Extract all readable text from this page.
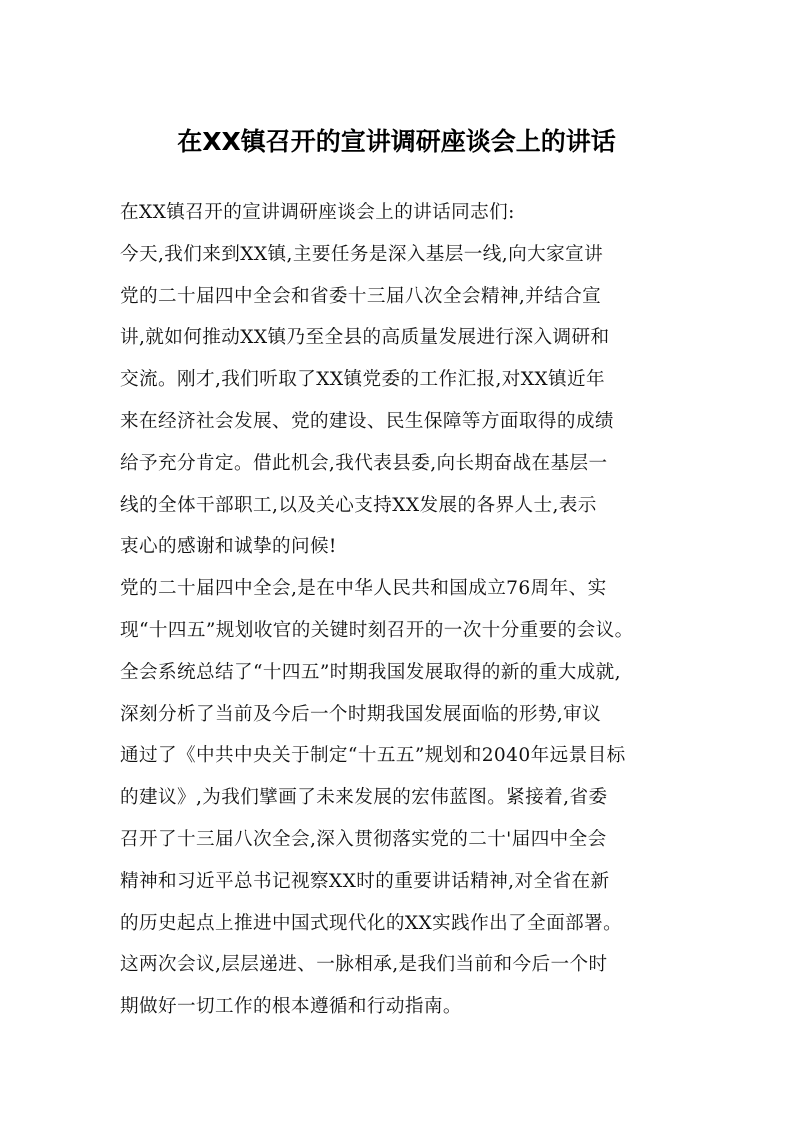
在XX镇召开的宣讲调研座谈会上的讲话

在XX镇召开的宣讲调研座谈会上的讲话同志们:

今天,我们来到XX镇,主要任务是深入基层一线,向大家宣讲
党的二十届四中全会和省委十三届八次全会精神,并结合宣
讲,就如何推动XX镇乃至全县的高质量发展进行深入调研和
交流。刚才,我们听取了XX镇党委的工作汇报,对XX镇近年
来在经济社会发展、党的建设、民生保障等方面取得的成绩
给予充分肯定。借此机会,我代表县委,向长期奋战在基层一
线的全体干部职工,以及关心支持XX发展的各界人士,表示
衷心的感谢和诚挚的问候!

党的二十届四中全会,是在中华人民共和国成立76周年、实
现“十四五”规划收官的关键时刻召开的一次十分重要的会议。
全会系统总结了“十四五”时期我国发展取得的新的重大成就,
深刻分析了当前及今后一个时期我国发展面临的形势,审议
通过了《中共中央关于制定“十五五”规划和2040年远景目标
的建议》,为我们擘画了未来发展的宏伟蓝图。紧接着,省委
召开了十三届八次全会,深入贯彻落实党的二十'届四中全会
精神和习近平总书记视察XX时的重要讲话精神,对全省在新
的历史起点上推进中国式现代化的XX实践作出了全面部署。
这两次会议,层层递进、一脉相承,是我们当前和今后一个时
期做好一切工作的根本遵循和行动指南。
